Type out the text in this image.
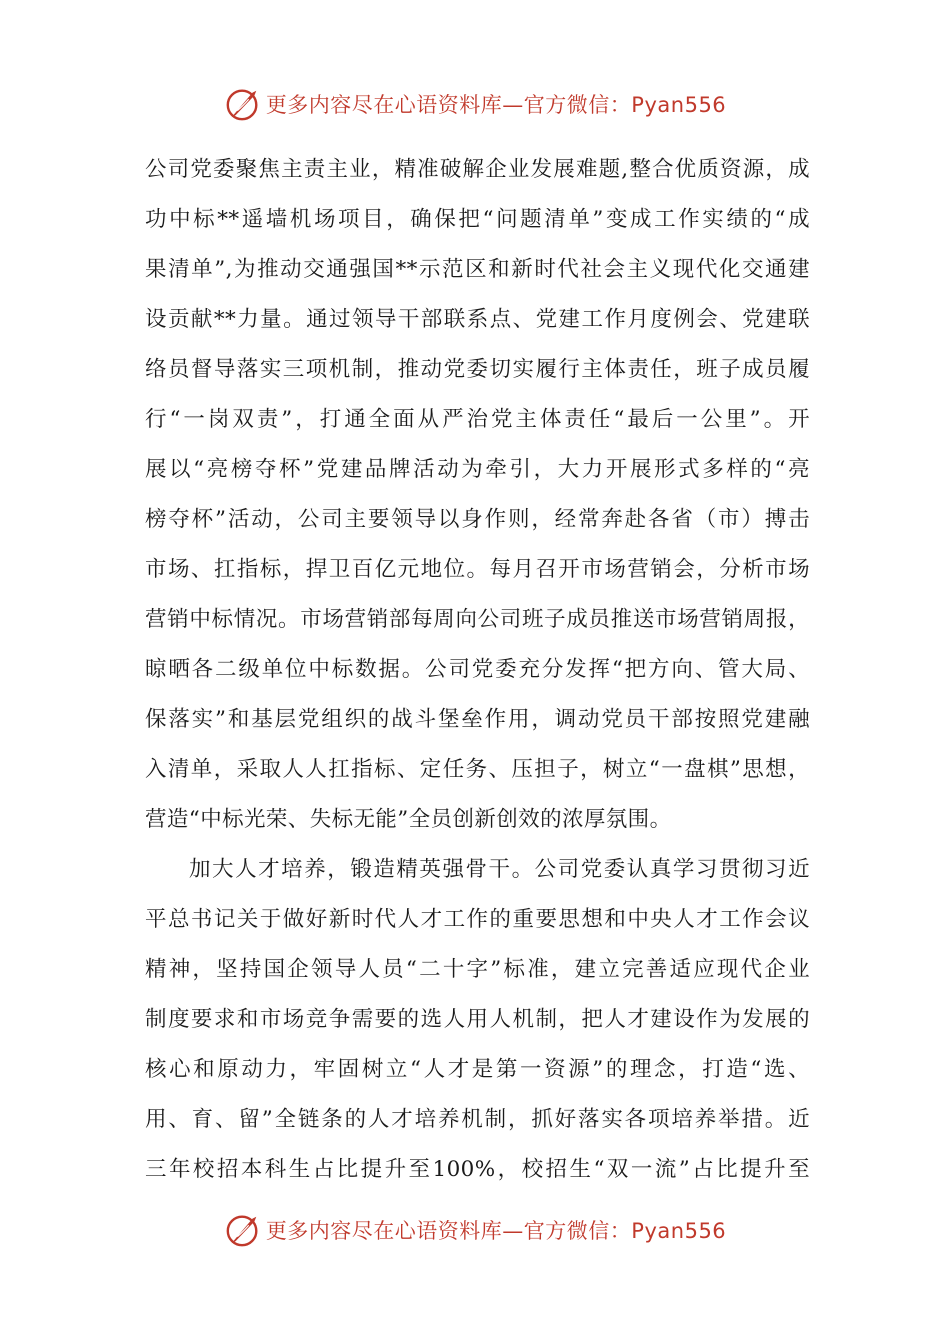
更多内容尽在心语资料库—官方微信：Pyan556
公司党委聚焦主责主业，精准破解企业发展难题,整合优质资源，成
功中标**遥墙机场项目，确保把“问题清单”变成工作实绩的“成
果清单”,为推动交通强国**示范区和新时代社会主义现代化交通建
设贡献**力量。通过领导干部联系点、党建工作月度例会、党建联
络员督导落实三项机制，推动党委切实履行主体责任，班子成员履
行“一岗双责”，打通全面从严治党主体责任“最后一公里”。开
展以“亮榜夺杯”党建品牌活动为牵引，大力开展形式多样的“亮
榜夺杯”活动，公司主要领导以身作则，经常奔赴各省（市）搏击
市场、扛指标，捍卫百亿元地位。每月召开市场营销会，分析市场
营销中标情况。市场营销部每周向公司班子成员推送市场营销周报，
晾晒各二级单位中标数据。公司党委充分发挥“把方向、管大局、
保落实”和基层党组织的战斗堡垒作用，调动党员干部按照党建融
入清单，采取人人扛指标、定任务、压担子，树立“一盘棋”思想，
营造“中标光荣、失标无能”全员创新创效的浓厚氛围。
加大人才培养，锻造精英强骨干。公司党委认真学习贯彻习近
平总书记关于做好新时代人才工作的重要思想和中央人才工作会议
精神，坚持国企领导人员“二十字”标准，建立完善适应现代企业
制度要求和市场竞争需要的选人用人机制，把人才建设作为发展的
核心和原动力，牢固树立“人才是第一资源”的理念，打造“选、
用、育、留”全链条的人才培养机制，抓好落实各项培养举措。近
三年校招本科生占比提升至100%，校招生“双一流”占比提升至
更多内容尽在心语资料库—官方微信：Pyan556
